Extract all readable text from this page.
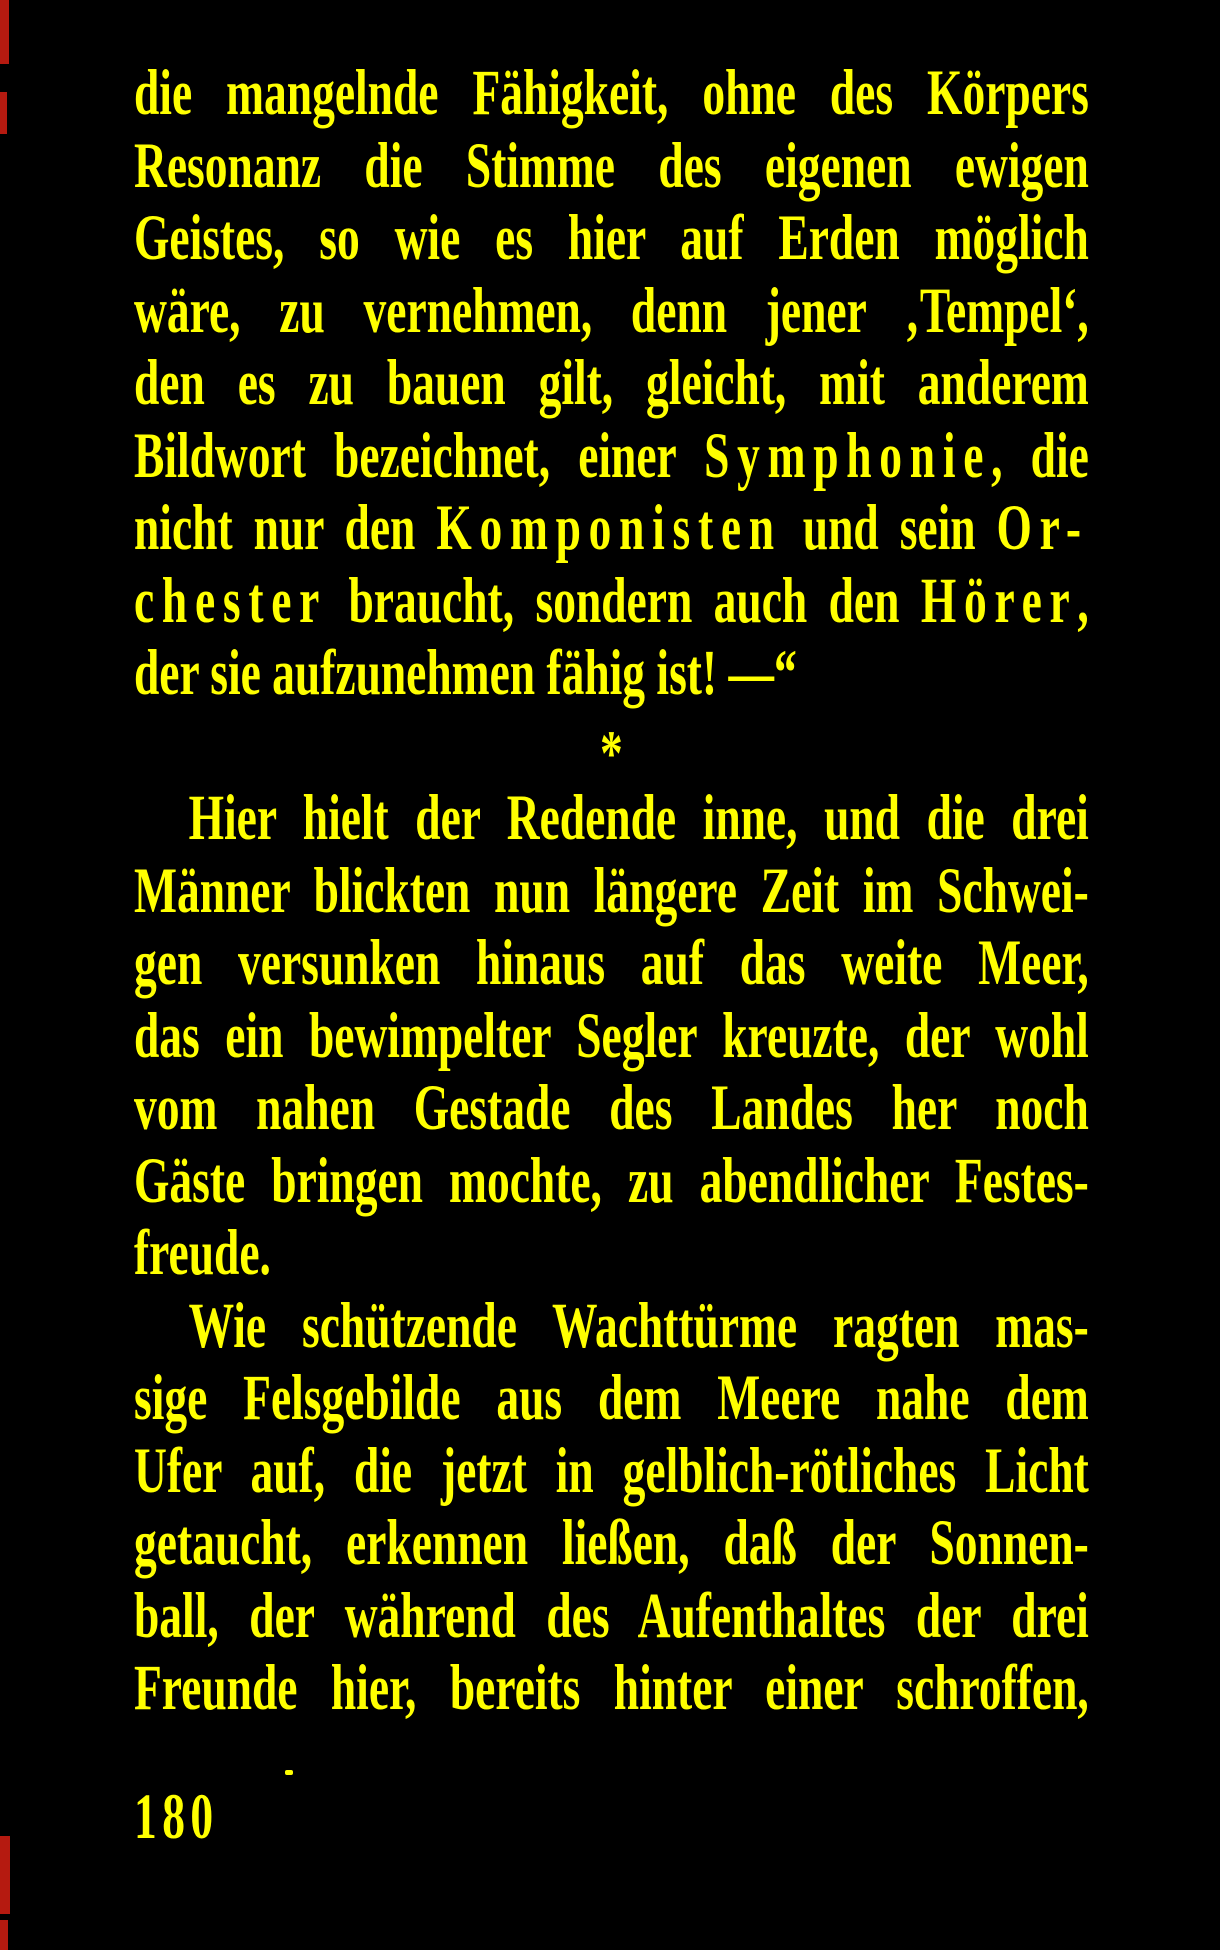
die mangelnde Fähigkeit, ohne des Körpers
Resonanz die Stimme des eigenen ewigen
Geistes, so wie es hier auf Erden möglich
wäre, zu vernehmen, denn jener ‚Tempel‘,
den es zu bauen gilt, gleicht, mit anderem
Bildwort bezeichnet, einer Symphonie, die
nicht nur den Komponisten und sein Or-
chester braucht, sondern auch den Hörer,
der sie aufzunehmen fähig ist! —“
*
Hier hielt der Redende inne, und die drei
Männer blickten nun längere Zeit im Schwei-
gen versunken hinaus auf das weite Meer,
das ein bewimpelter Segler kreuzte, der wohl
vom nahen Gestade des Landes her noch
Gäste bringen mochte, zu abendlicher Festes-
freude.
Wie schützende Wachttürme ragten mas-
sige Felsgebilde aus dem Meere nahe dem
Ufer auf, die jetzt in gelblich-rötliches Licht
getaucht, erkennen ließen, daß der Sonnen-
ball, der während des Aufenthaltes der drei
Freunde hier, bereits hinter einer schroffen,
180
